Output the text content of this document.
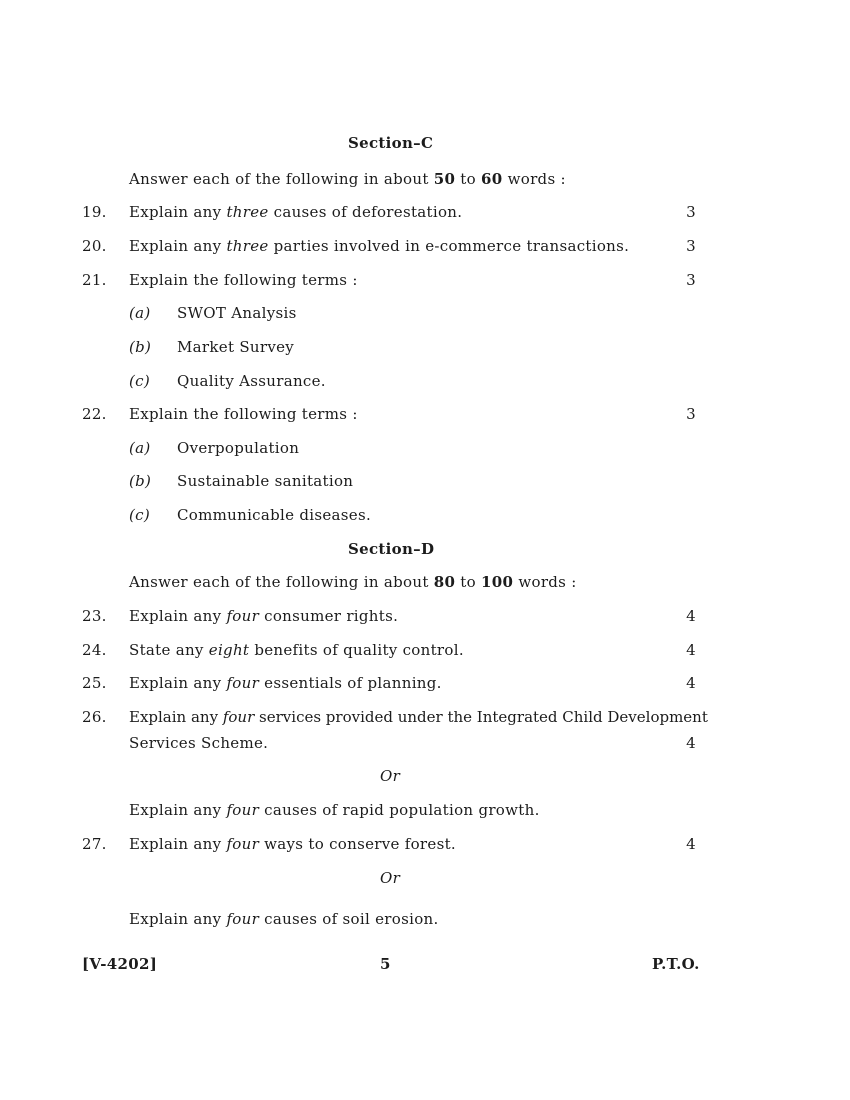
Section–C
Answer each of the following in about 50 to 60 words :
19. Explain any three causes of deforestation.	3
20. Explain any three parties involved in e-commerce transactions.	3
21. Explain the following terms :	3
(a) SWOT Analysis
(b) Market Survey
(c) Quality Assurance.
22. Explain the following terms :	3
(a) Overpopulation
(b) Sustainable sanitation
(c) Communicable diseases.
Section–D
Answer each of the following in about 80 to 100 words :
23. Explain any four consumer rights.	4
24. State any eight benefits of quality control.	4
25. Explain any four essentials of planning.	4
26. Explain any four services provided under the Integrated Child Development
Services Scheme.	4
Or
Explain any four causes of rapid population growth.
27. Explain any four ways to conserve forest.	4
Or
Explain any four causes of soil erosion.
[V-4202]	5	P.T.O.
